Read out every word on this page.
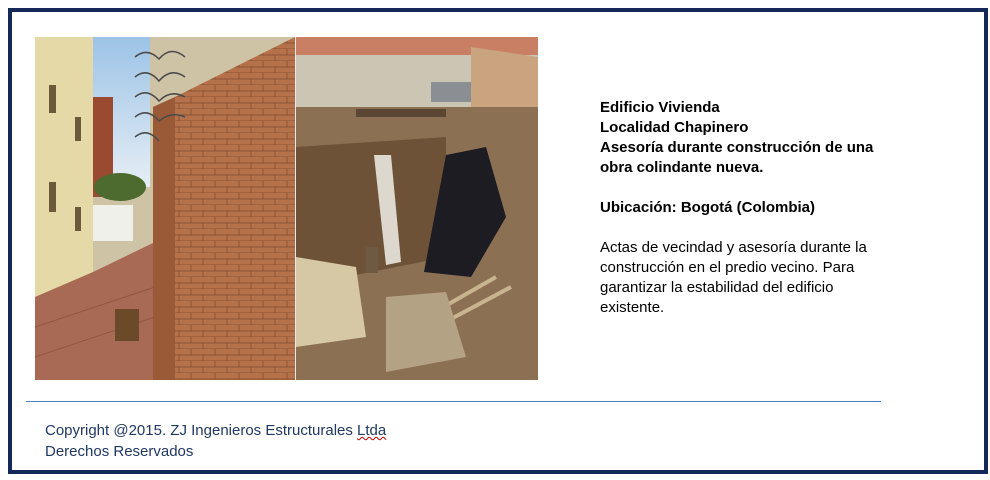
Edificio Vivienda

Localidad Chapinero

Asesoría durante construcción de una obra colindante nueva.

Ubicación: Bogotá (Colombia)

Actas de vecindad y asesoría durante la construcción en el predio vecino. Para garantizar la estabilidad del edificio existente.

Copyright @2015. ZJ Ingenieros Estructurales Ltda
Derechos Reservados
